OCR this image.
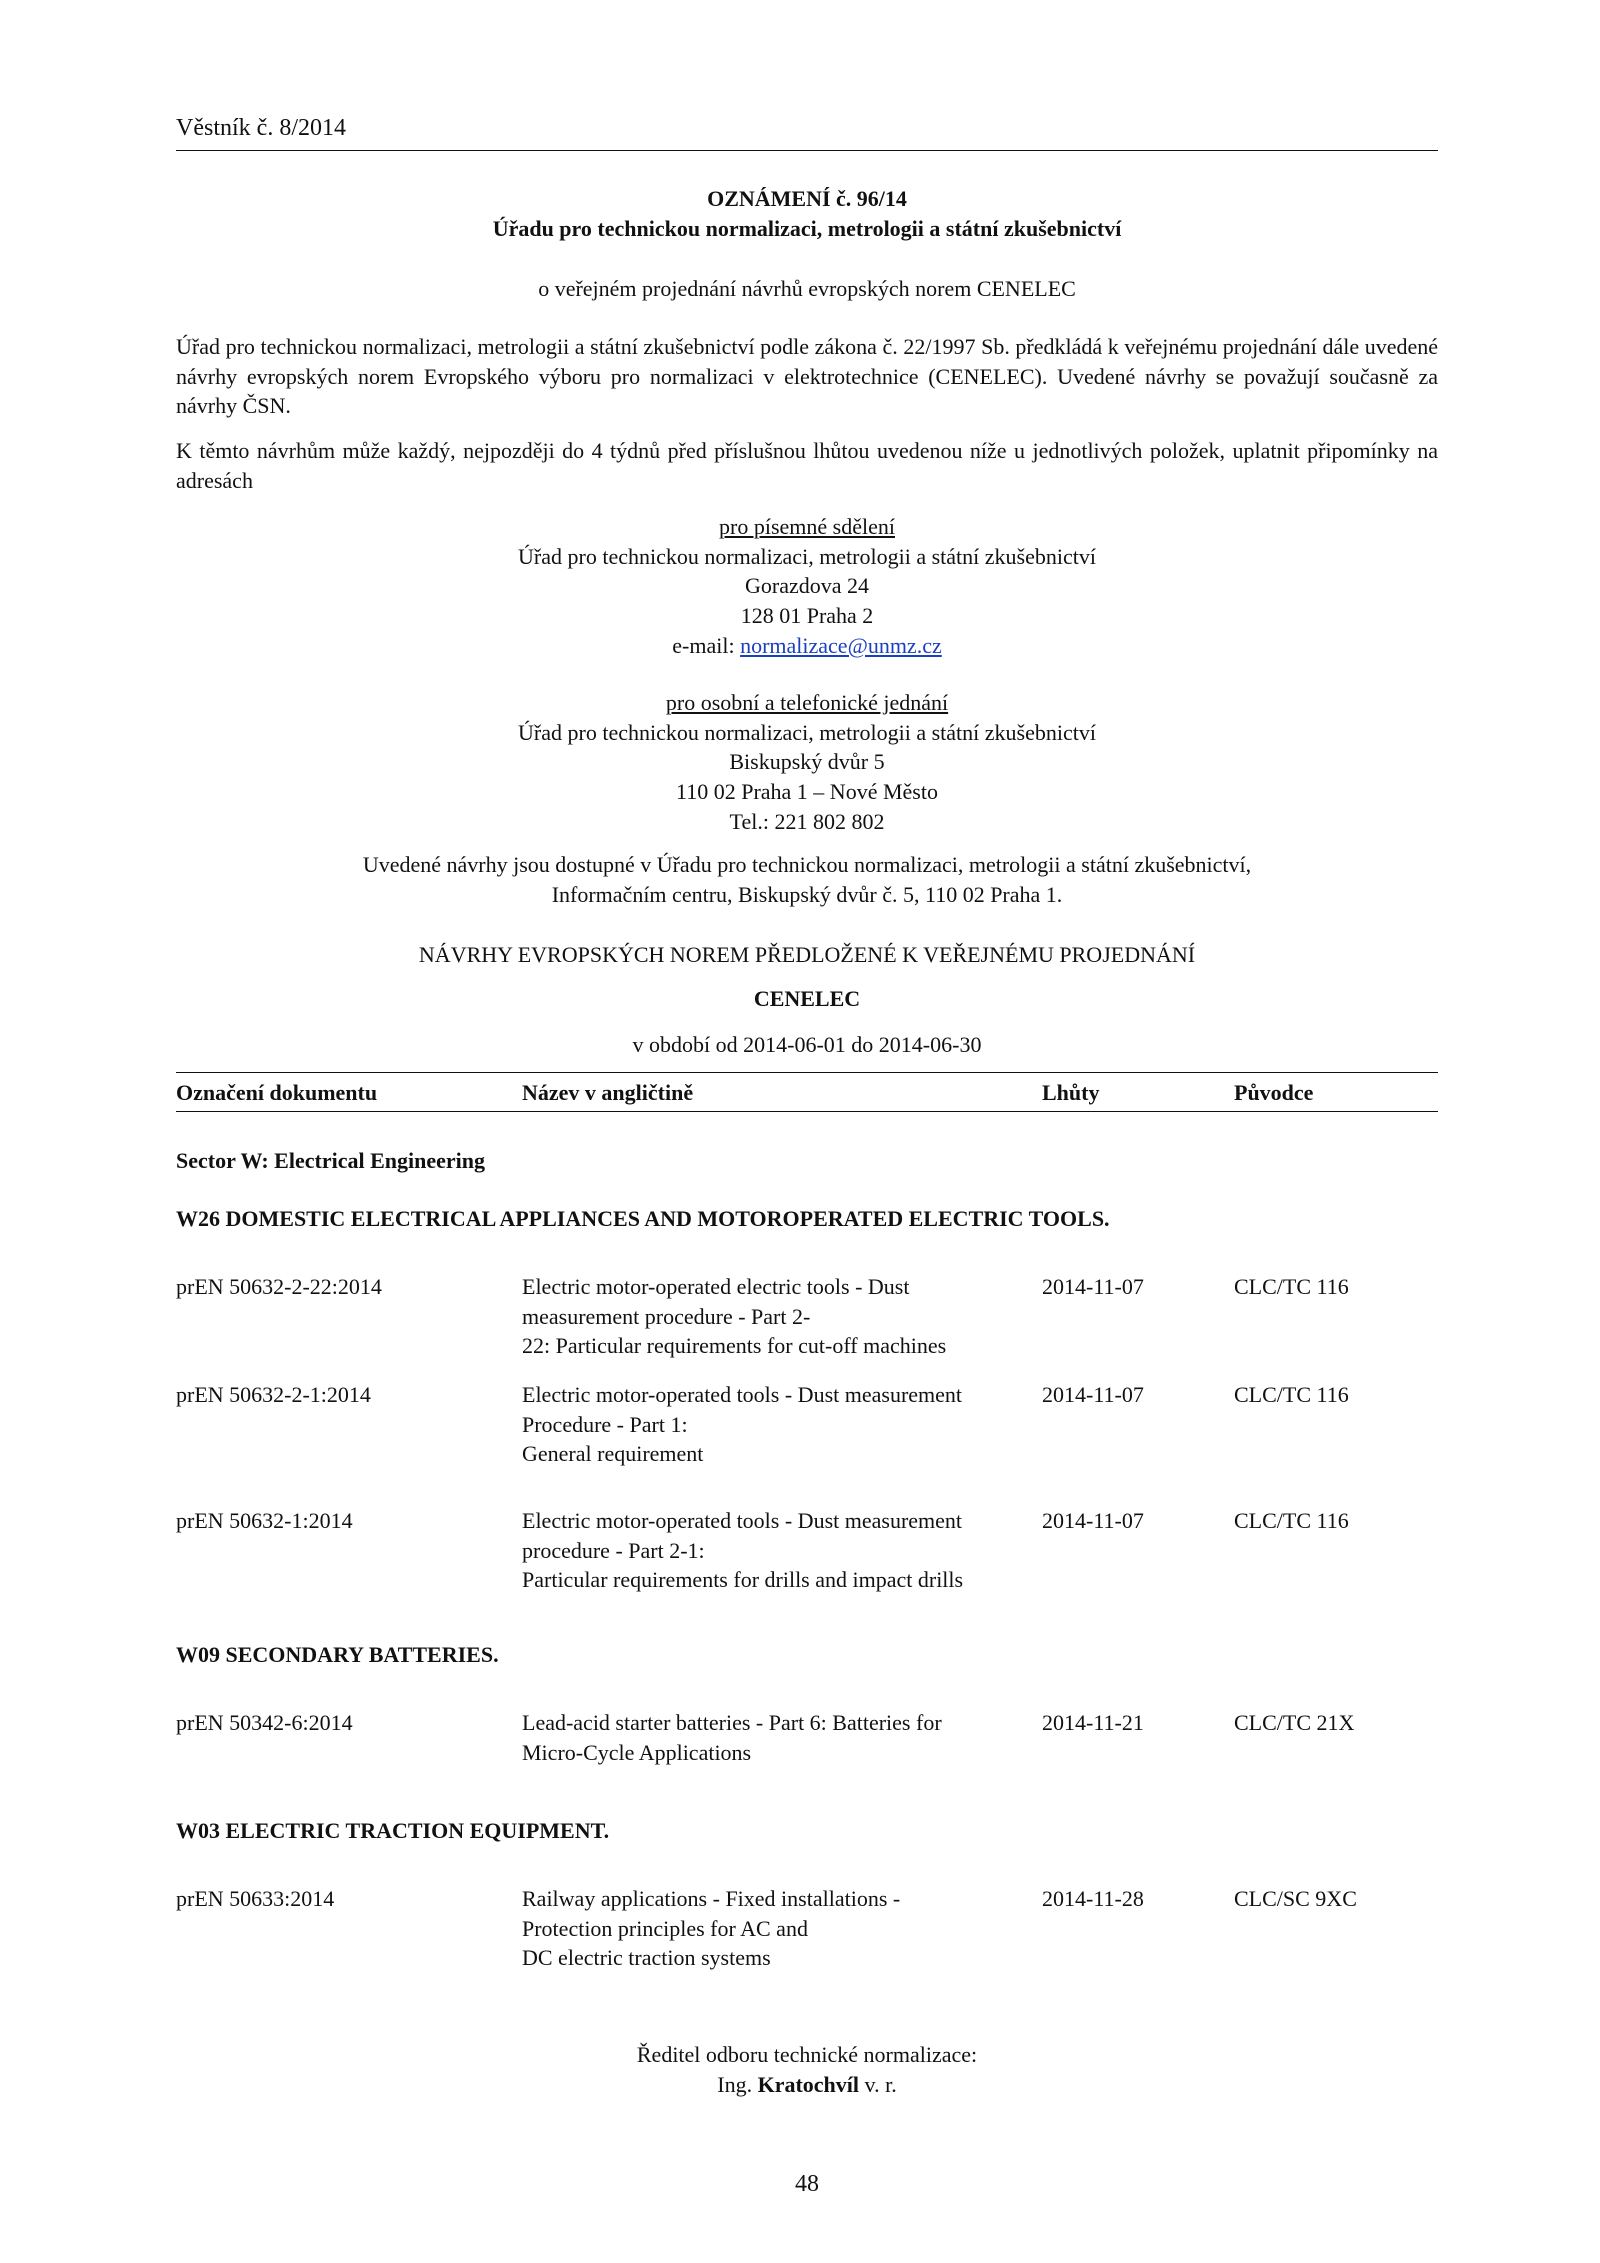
Věstník č. 8/2014
OZNÁMENÍ č. 96/14
Úřadu pro technickou normalizaci, metrologii a státní zkušebnictví
o veřejném projednání návrhů evropských norem CENELEC
Úřad pro technickou normalizaci, metrologii a státní zkušebnictví podle zákona č. 22/1997 Sb. předkládá k veřejnému projednání dále uvedené návrhy evropských norem Evropského výboru pro normalizaci v elektrotechnice (CENELEC). Uvedené návrhy se považují současně za návrhy ČSN.
K těmto návrhům může každý, nejpozději do 4 týdnů před příslušnou lhůtou uvedenou níže u jednotlivých položek, uplatnit připomínky na adresách
pro písemné sdělení
Úřad pro technickou normalizaci, metrologii a státní zkušebnictví
Gorazdova 24
128 01 Praha 2
e-mail: normalizace@unmz.cz
pro osobní a telefonické jednání
Úřad pro technickou normalizaci, metrologii a státní zkušebnictví
Biskupský dvůr 5
110 02 Praha 1 – Nové Město
Tel.: 221 802 802
Uvedené návrhy jsou dostupné v Úřadu pro technickou normalizaci, metrologii a státní zkušebnictví,
Informačním centru, Biskupský dvůr č. 5, 110 02 Praha 1.
NÁVRHY EVROPSKÝCH NOREM PŘEDLOŽENÉ K VEŘEJNÉMU PROJEDNÁNÍ
CENELEC
v období od 2014-06-01 do 2014-06-30
Označení dokumentu	Název v angličtině	Lhůty	Původce
Sector W: Electrical Engineering
W26 DOMESTIC ELECTRICAL APPLIANCES AND MOTOROPERATED ELECTRIC TOOLS.
prEN 50632-2-22:2014	Electric motor-operated electric tools - Dust
measurement procedure - Part 2-
22: Particular requirements for cut-off machines
2014-11-07	CLC/TC 116
prEN 50632-2-1:2014	Electric motor-operated tools - Dust measurement
Procedure - Part 1:
General requirement
2014-11-07	CLC/TC 116
prEN 50632-1:2014	Electric motor-operated tools - Dust measurement
procedure - Part 2-1:
Particular requirements for drills and impact drills
2014-11-07	CLC/TC 116
W09 SECONDARY BATTERIES.
prEN 50342-6:2014	Lead-acid starter batteries - Part 6: Batteries for
Micro-Cycle Applications
2014-11-21	CLC/TC 21X
W03 ELECTRIC TRACTION EQUIPMENT.
prEN 50633:2014	Railway applications - Fixed installations -
Protection principles for AC and
DC electric traction systems
2014-11-28	CLC/SC 9XC
Ředitel odboru technické normalizace:
Ing. Kratochvíl v. r.
48
